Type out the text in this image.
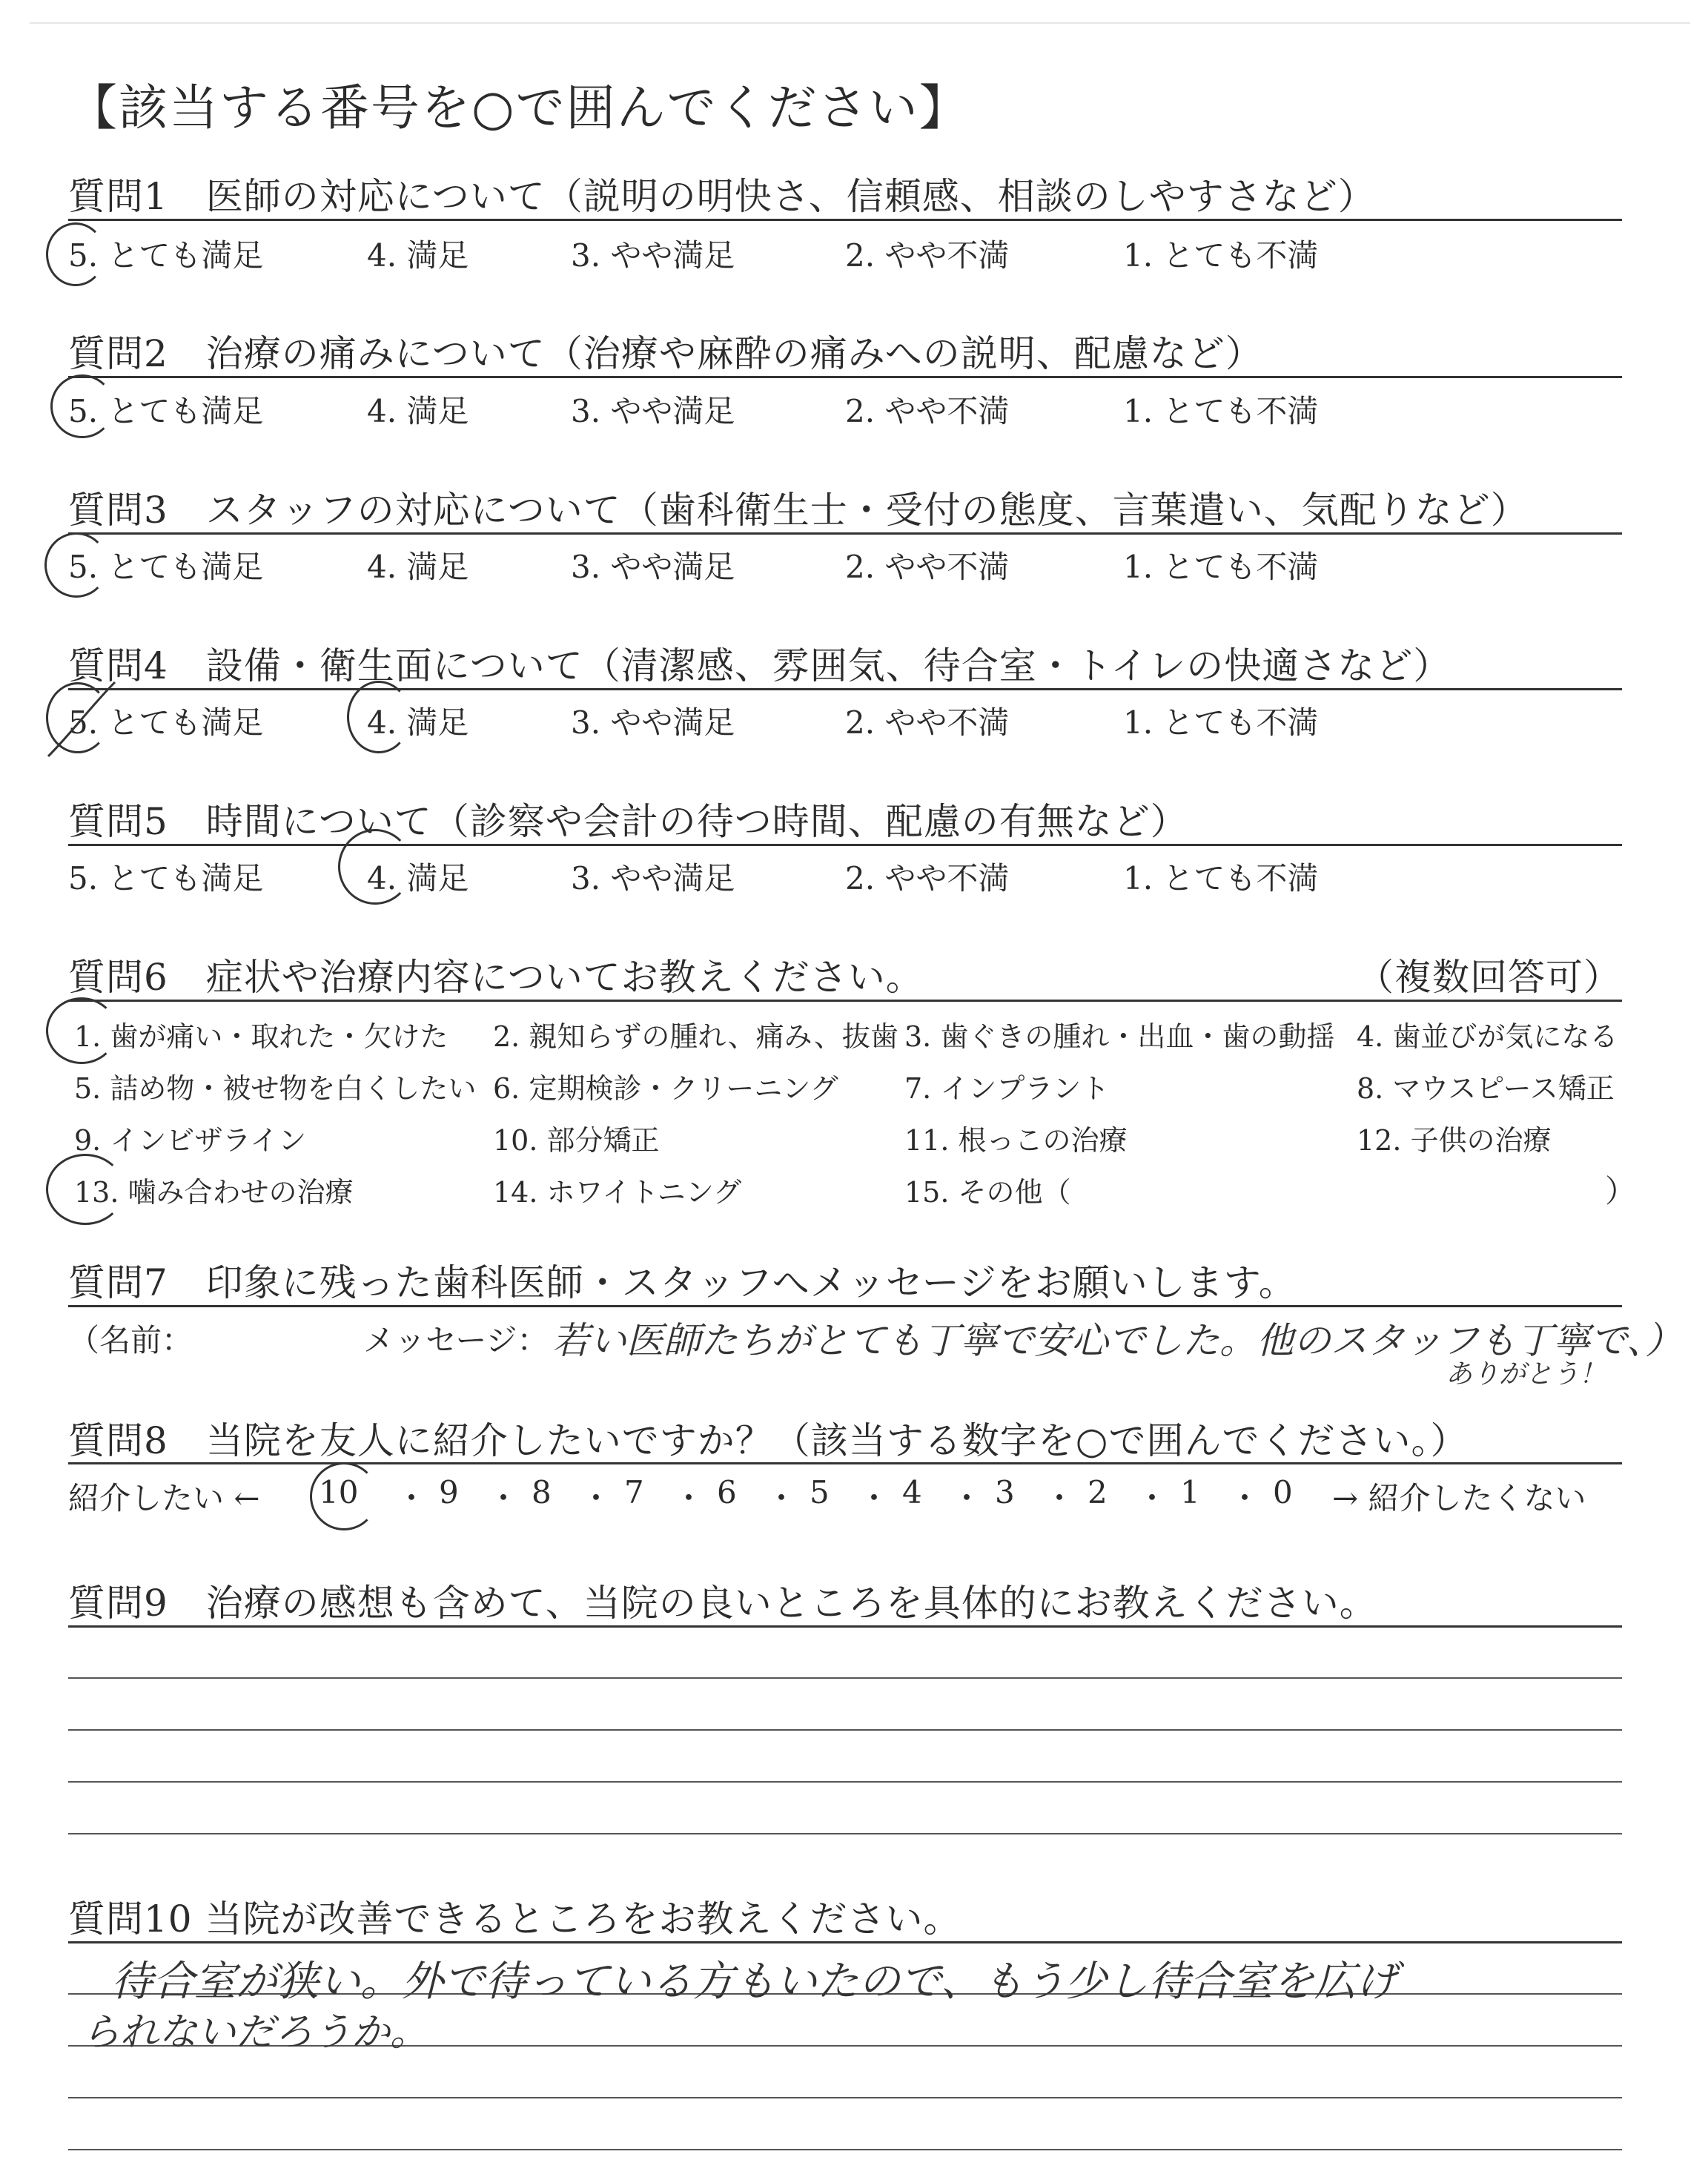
【該当する番号を○で囲んでください】
質問1　医師の対応について（説明の明快さ、信頼感、相談のしやすさなど）
5. とても満足	4. 満足	3. やや満足	2. やや不満	1. とても不満
質問2　治療の痛みについて（治療や麻酔の痛みへの説明、配慮など）
5. とても満足	4. 満足	3. やや満足	2. やや不満	1. とても不満
質問3　スタッフの対応について（歯科衛生士・受付の態度、言葉遣い、気配りなど）
5. とても満足	4. 満足	3. やや満足	2. やや不満	1. とても不満
質問4　設備・衛生面について（清潔感、雰囲気、待合室・トイレの快適さなど）
5. とても満足	4. 満足	3. やや満足	2. やや不満	1. とても不満
質問5　時間について（診察や会計の待つ時間、配慮の有無など）
5. とても満足	4. 満足	3. やや満足	2. やや不満	1. とても不満
質問6　症状や治療内容についてお教えください。	（複数回答可）
1. 歯が痛い・取れた・欠けた 2. 親知らずの腫れ、痛み、抜歯 3. 歯ぐきの腫れ・出血・歯の動揺 4. 歯並びが気になる
5. 詰め物・被せ物を白くしたい 6. 定期検診・クリーニング 7. インプラント	8. マウスピース矯正
9. インビザライン	10. 部分矯正	11. 根っこの治療	12. 子供の治療
13. 噛み合わせの治療	14. ホワイトニング	15. その他（	）
質問7　印象に残った歯科医師・スタッフへメッセージをお願いします。
（名前：	メッセージ： 若い医師たちがとても丁寧で安心でした。他のスタッフも丁寧で、）
ありがとう！
質問8　当院を友人に紹介したいですか？（該当する数字を○で囲んでください。）
紹介したい ← 10 ・ 9 ・ 8 ・ 7 ・ 6 ・ 5 ・ 4 ・ 3 ・ 2 ・ 1 ・ 0 → 紹介したくない
質問9　治療の感想も含めて、当院の良いところを具体的にお教えください。
質問10 当院が改善できるところをお教えください。
待合室が狭い。外で待っている方もいたので、もう少し待合室を広げ
られないだろうか。
